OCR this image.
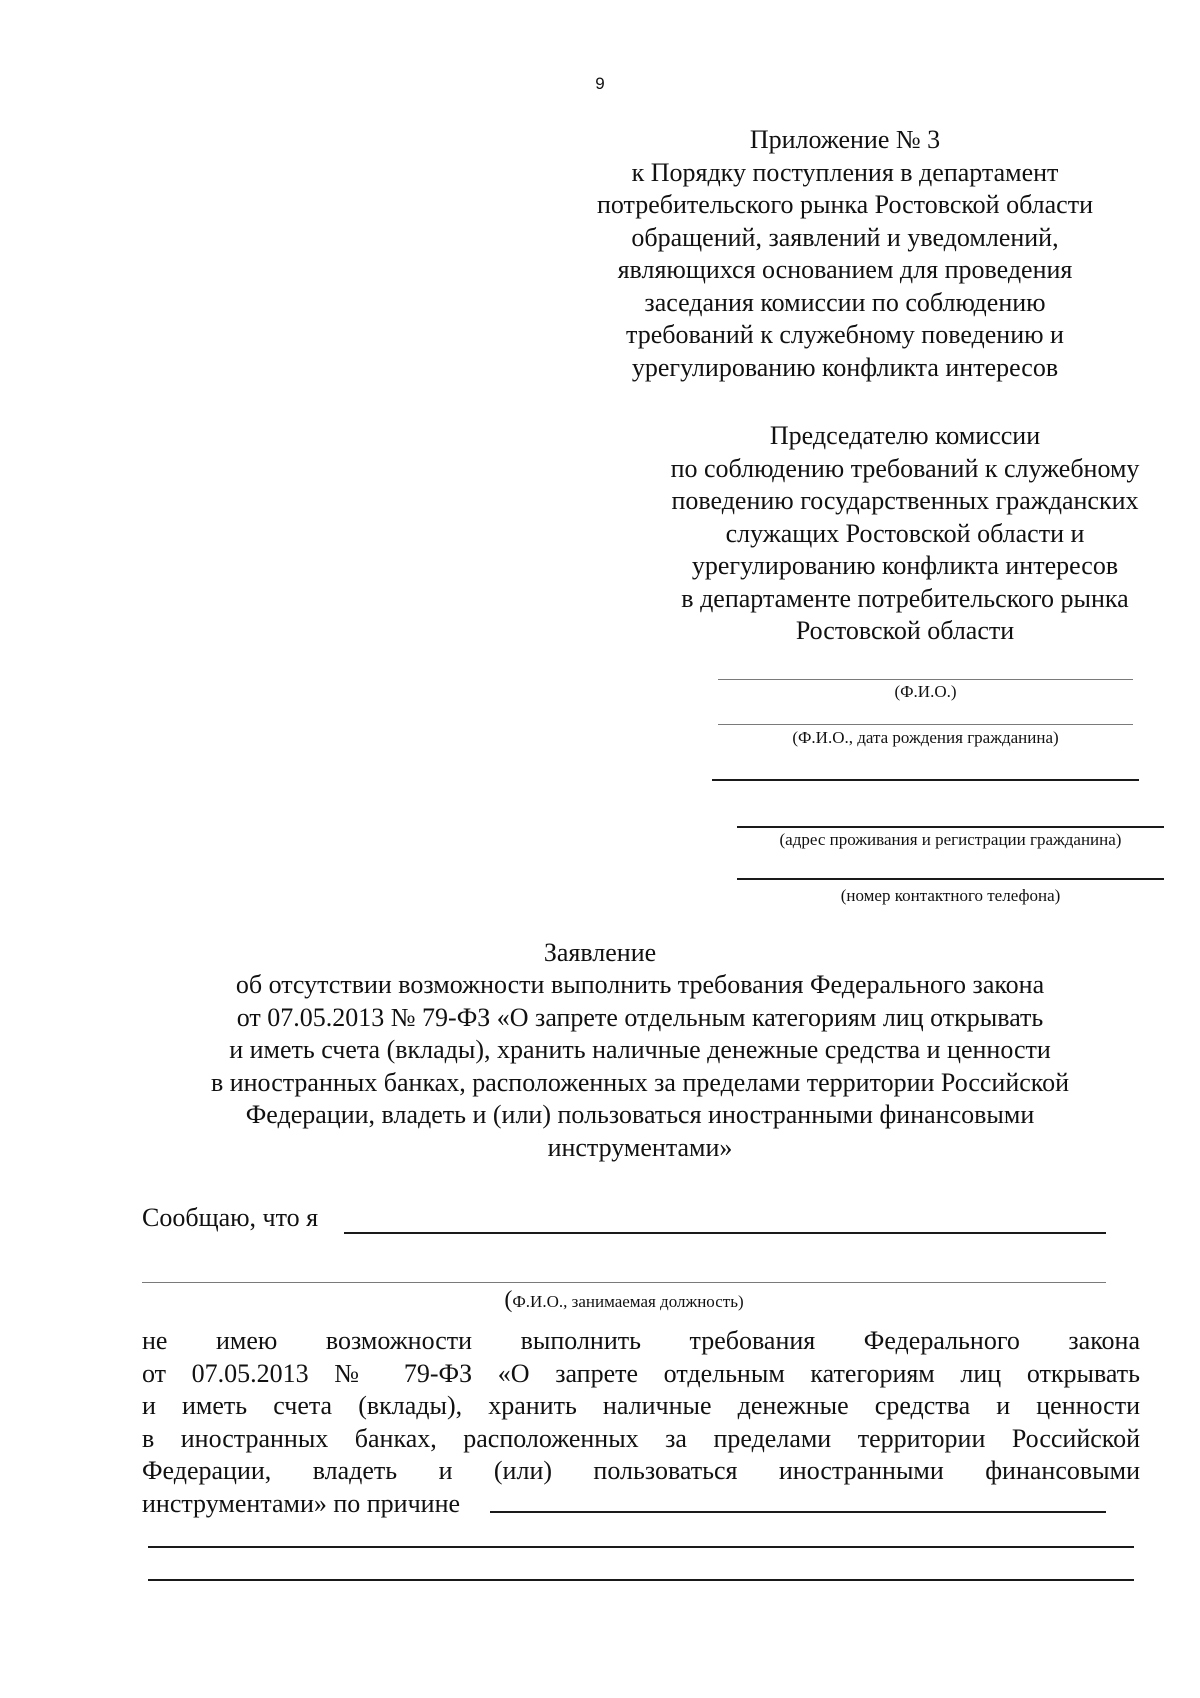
9
Приложение № 3
к Порядку поступления в департамент
потребительского рынка Ростовской области
обращений, заявлений и уведомлений,
являющихся основанием для проведения
заседания комиссии по соблюдению
требований к служебному поведению и
урегулированию конфликта интересов
Председателю комиссии
по соблюдению требований к служебному
поведению государственных гражданских
служащих Ростовской области и
урегулированию конфликта интересов
в департаменте потребительского рынка
Ростовской области
(Ф.И.О.)
(Ф.И.О., дата рождения гражданина)
(адрес проживания и регистрации гражданина)
(номер контактного телефона)
Заявление
об отсутствии возможности выполнить требования Федерального закона
от 07.05.2013 № 79-ФЗ «О запрете отдельным категориям лиц открывать
и иметь счета (вклады), хранить наличные денежные средства и ценности
в иностранных банках, расположенных за пределами территории Российской
Федерации, владеть и (или) пользоваться иностранными финансовыми
инструментами»
Сообщаю, что я
(Ф.И.О., занимаемая должность)
не имею возможности выполнить требования Федерального закона
от 07.05.2013 № 79-ФЗ «О запрете отдельным категориям лиц открывать
и иметь счета (вклады), хранить наличные денежные средства и ценности
в иностранных банках, расположенных за пределами территории Российской
Федерации, владеть и (или) пользоваться иностранными финансовыми
инструментами» по причине
